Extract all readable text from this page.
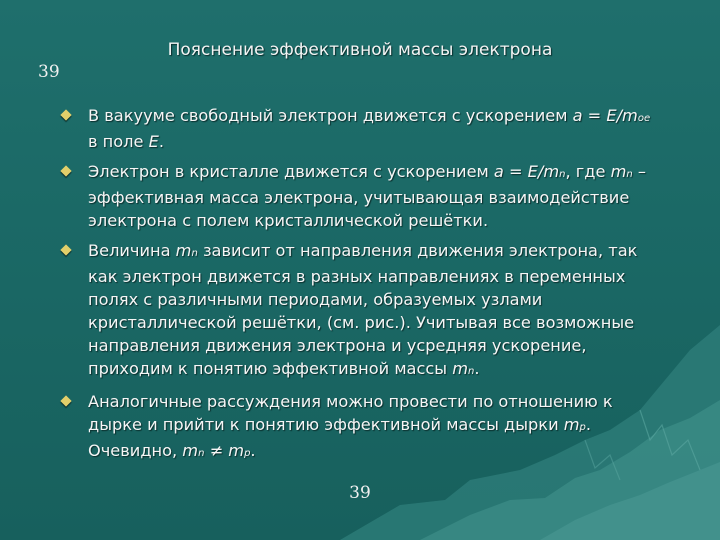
39
Пояснение эффективной массы электрона
В вакууме свободный электрон движется с ускорением a = E/moe в поле E.
Электрон в кристалле движется с ускорением a = E/mn, где mn – эффективная масса электрона, учитывающая взаимодействие электрона с полем кристаллической решётки.
Величина mn зависит от направления движения электрона, так как электрон движется в разных направлениях в переменных полях с различными периодами, образуемых узлами кристаллической решётки, (см. рис.). Учитывая все возможные направления движения электрона и усредняя ускорение, приходим к понятию эффективной массы mn.
Аналогичные рассуждения можно провести по отношению к дырке и прийти к понятию эффективной массы дырки mp. Очевидно, mn ≠ mp.
39
